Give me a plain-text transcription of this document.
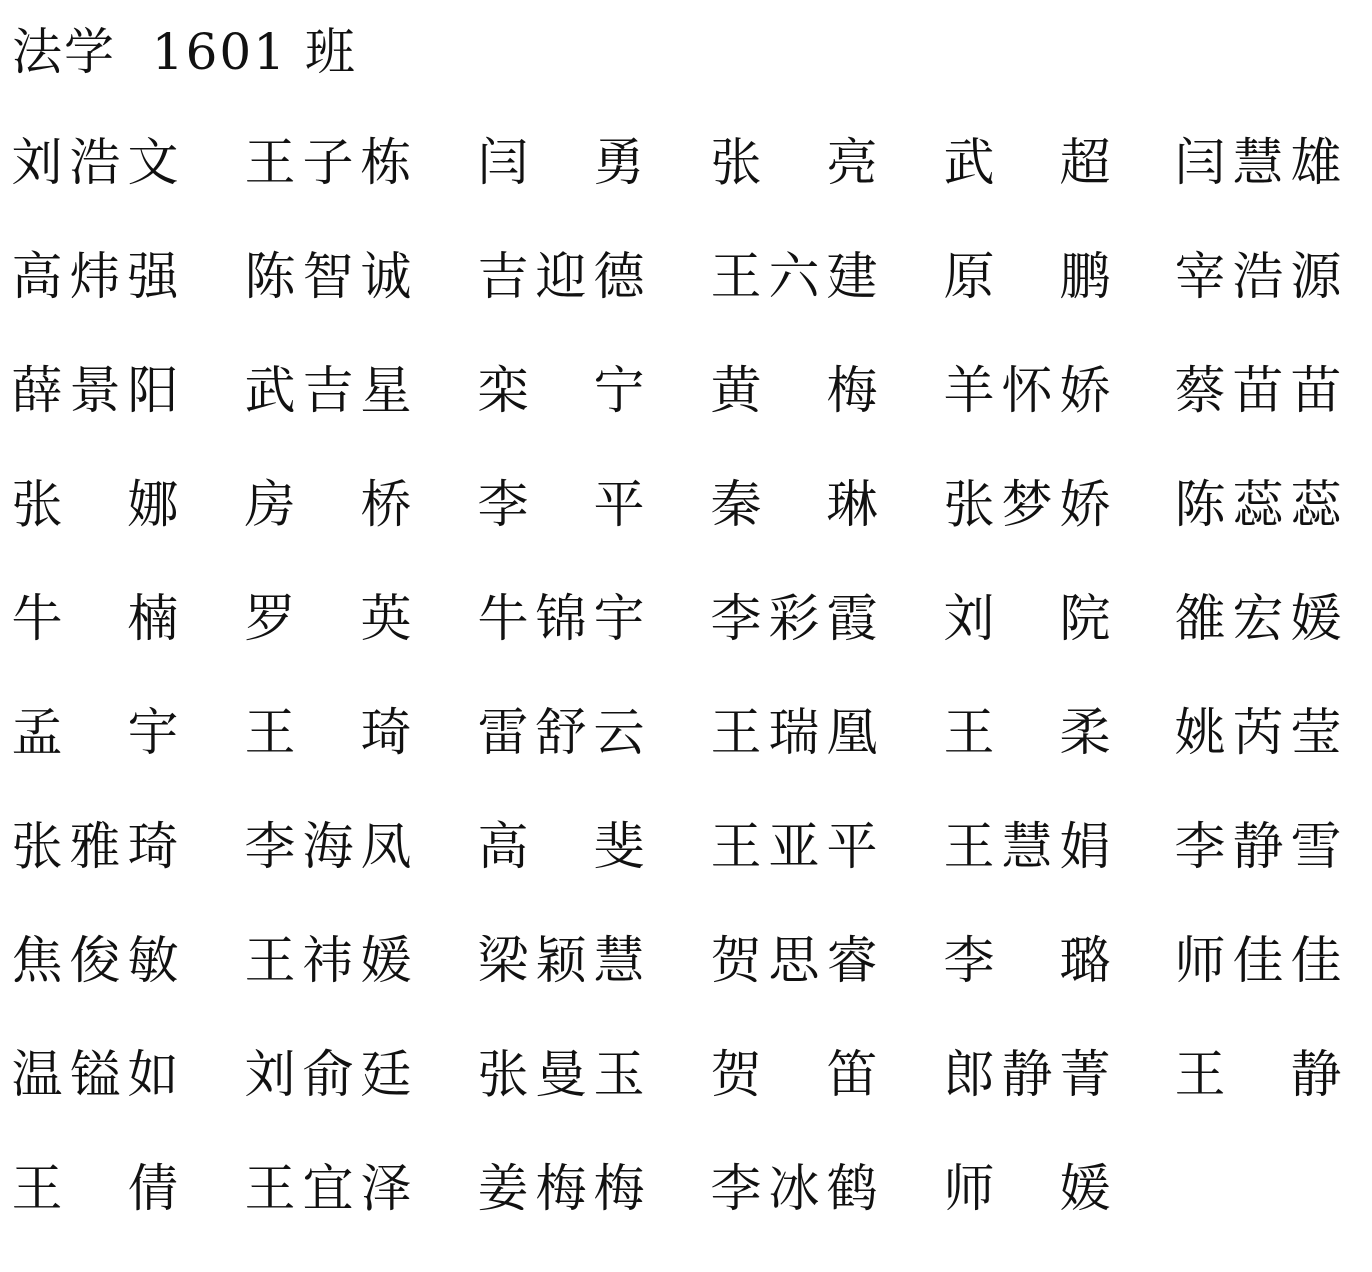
法学  1601 班
刘 浩 文 王 子 栋 闫 勇 张 亮 武 超 闫 慧 雄
高 炜 强 陈 智 诚 吉 迎 德 王 六 建 原 鹏 宰 浩 源
薛 景 阳 武 吉 星 栾 宁 黄 梅 羊 怀 娇 蔡 苗 苗
张 娜 房 桥 李 平 秦 琳 张 梦 娇 陈 蕊 蕊
牛 楠 罗 英 牛 锦 宇 李 彩 霞 刘 院 雒 宏 媛
孟 宇 王 琦 雷 舒 云 王 瑞 凰 王 柔 姚 芮 莹
张 雅 琦 李 海 凤 高 斐 王 亚 平 王 慧 娟 李 静 雪
焦 俊 敏 王 祎 媛 梁 颖 慧 贺 思 睿 李 璐 师 佳 佳
温 镒 如 刘 俞 廷 张 曼 玉 贺 笛 郎 静 菁 王 静
王 倩 王 宜 泽 姜 梅 梅 李 冰 鹤 师 媛
